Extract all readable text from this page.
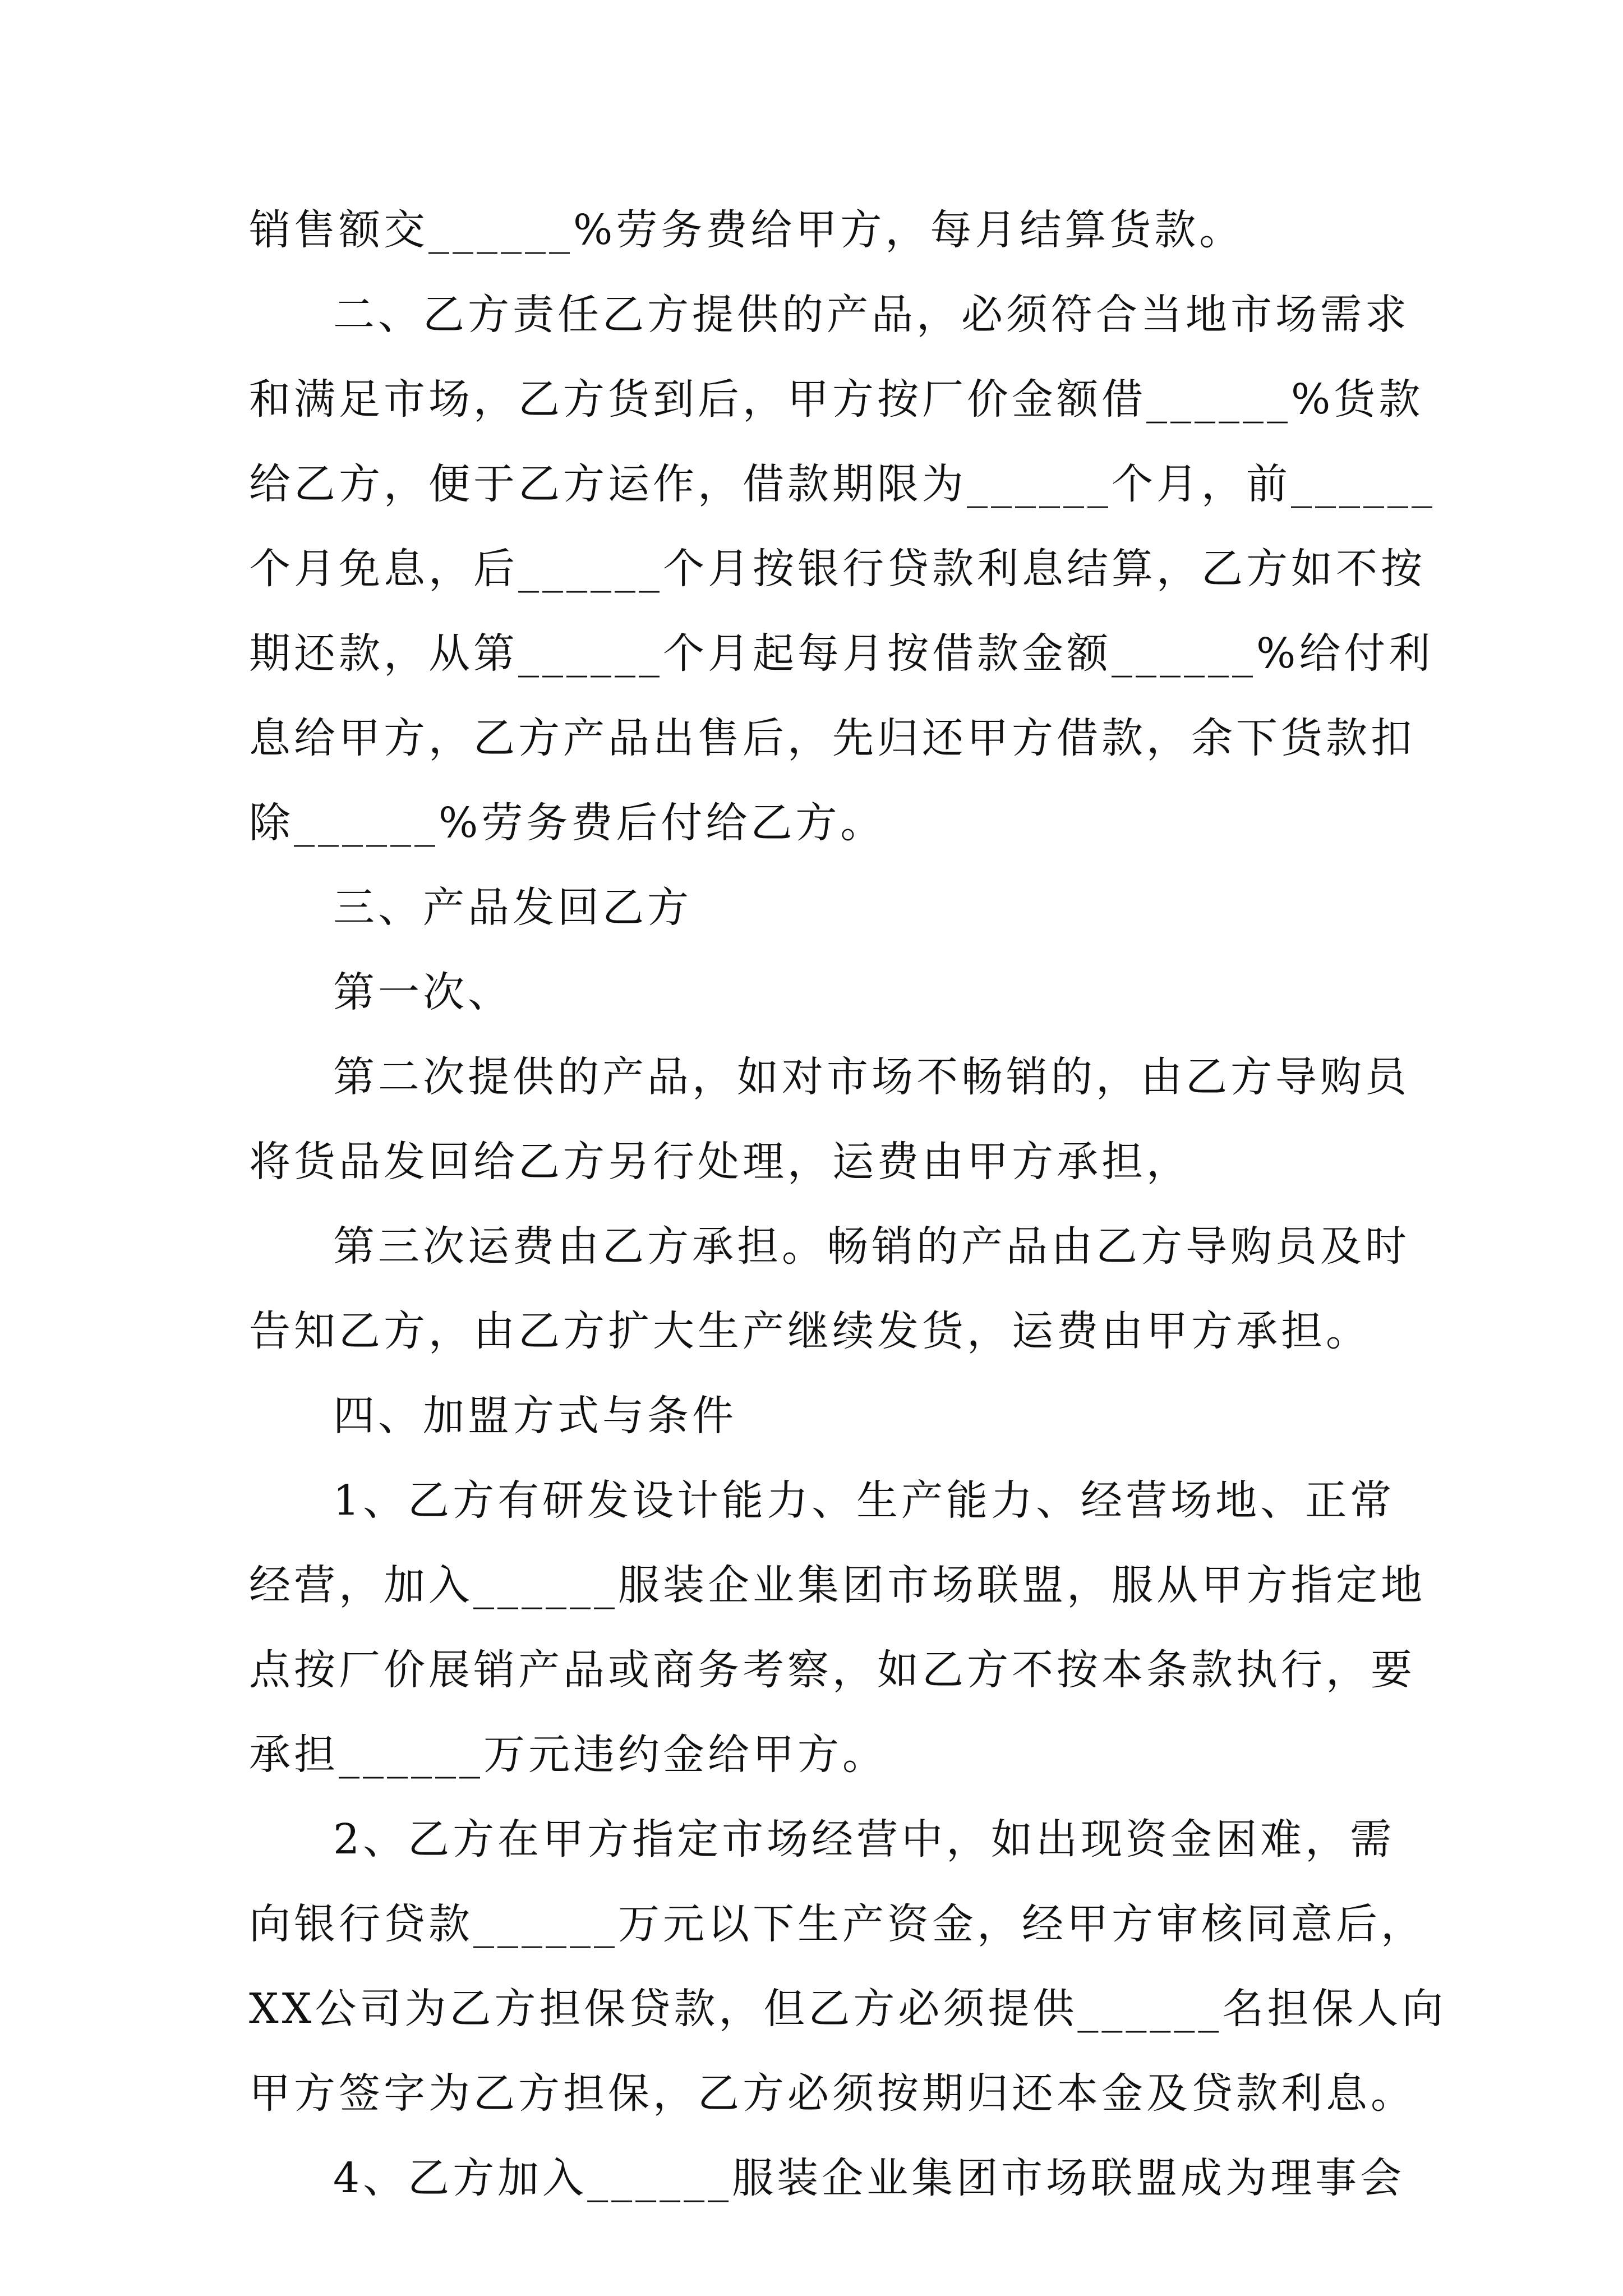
销售额交______%劳务费给甲方，每月结算货款。
二、乙方责任乙方提供的产品，必须符合当地市场需求
和满足市场，乙方货到后，甲方按厂价金额借______%货款
给乙方，便于乙方运作，借款期限为______个月，前______
个月免息，后______个月按银行贷款利息结算，乙方如不按
期还款，从第______个月起每月按借款金额______%给付利
息给甲方，乙方产品出售后，先归还甲方借款，余下货款扣
除______%劳务费后付给乙方。
三、产品发回乙方
第一次、
第二次提供的产品，如对市场不畅销的，由乙方导购员
将货品发回给乙方另行处理，运费由甲方承担，
第三次运费由乙方承担。畅销的产品由乙方导购员及时
告知乙方，由乙方扩大生产继续发货，运费由甲方承担。
四、加盟方式与条件
1、乙方有研发设计能力、生产能力、经营场地、正常
经营，加入______服装企业集团市场联盟，服从甲方指定地
点按厂价展销产品或商务考察，如乙方不按本条款执行，要
承担______万元违约金给甲方。
2、乙方在甲方指定市场经营中，如出现资金困难，需
向银行贷款______万元以下生产资金，经甲方审核同意后，
XX公司为乙方担保贷款，但乙方必须提供______名担保人向
甲方签字为乙方担保，乙方必须按期归还本金及贷款利息。
4、乙方加入______服装企业集团市场联盟成为理事会
